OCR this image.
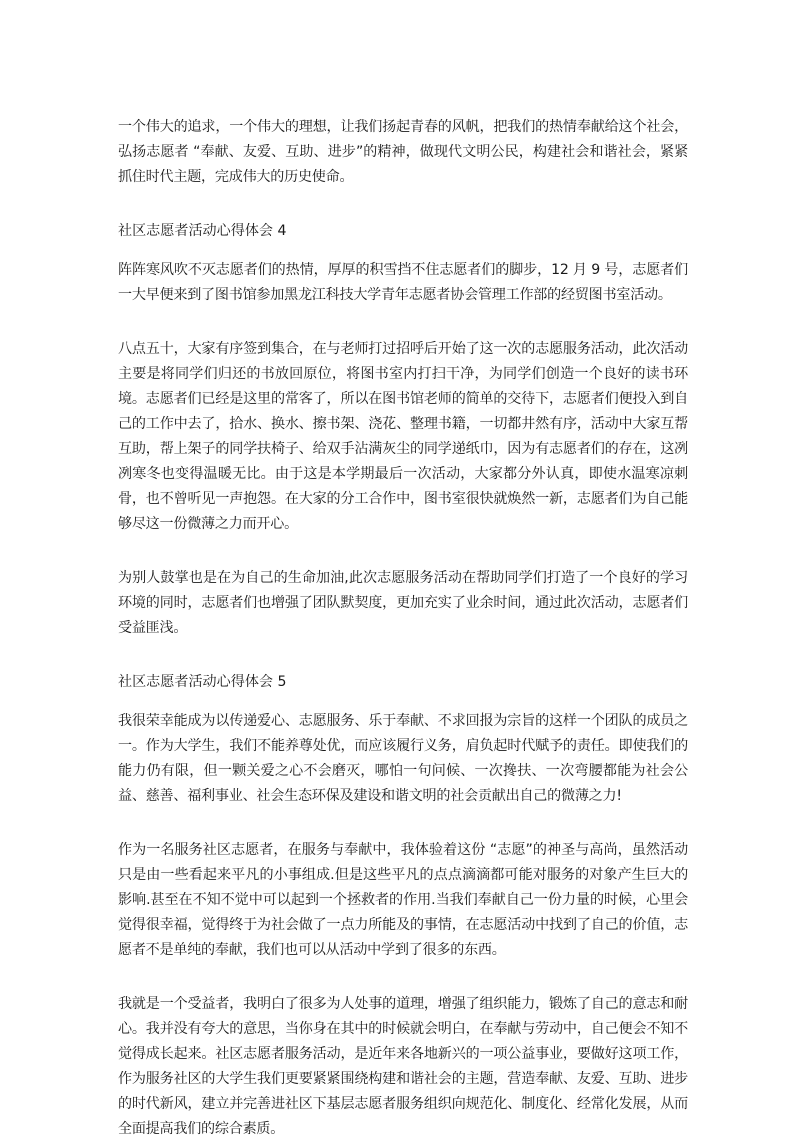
一个伟大的追求，一个伟大的理想，让我们扬起青春的风帆，把我们的热情奉献给这个社会，弘扬志愿者 “奉献、友爱、互助、进步”的精神，做现代文明公民，构建社会和谐社会，紧紧抓住时代主题，完成伟大的历史使命。

社区志愿者活动心得体会 4

阵阵寒风吹不灭志愿者们的热情，厚厚的积雪挡不住志愿者们的脚步，12 月 9 号，志愿者们一大早便来到了图书馆参加黑龙江科技大学青年志愿者协会管理工作部的经贸图书室活动。

八点五十，大家有序签到集合，在与老师打过招呼后开始了这一次的志愿服务活动，此次活动主要是将同学们归还的书放回原位，将图书室内打扫干净，为同学们创造一个良好的读书环境。志愿者们已经是这里的常客了，所以在图书馆老师的简单的交待下，志愿者们便投入到自己的工作中去了，拾水、换水、擦书架、浇花、整理书籍，一切都井然有序，活动中大家互帮互助，帮上架子的同学扶椅子、给双手沾满灰尘的同学递纸巾，因为有志愿者们的存在，这冽冽寒冬也变得温暖无比。由于这是本学期最后一次活动，大家都分外认真，即使水温寒凉刺骨，也不曾听见一声抱怨。在大家的分工合作中，图书室很快就焕然一新，志愿者们为自己能够尽这一份微薄之力而开心。

为别人鼓掌也是在为自己的生命加油,此次志愿服务活动在帮助同学们打造了一个良好的学习环境的同时，志愿者们也增强了团队默契度，更加充实了业余时间，通过此次活动，志愿者们受益匪浅。

社区志愿者活动心得体会 5

我很荣幸能成为以传递爱心、志愿服务、乐于奉献、不求回报为宗旨的这样一个团队的成员之一。作为大学生，我们不能养尊处优，而应该履行义务，肩负起时代赋予的责任。即使我们的能力仍有限，但一颗关爱之心不会磨灭，哪怕一句问候、一次搀扶、一次弯腰都能为社会公益、慈善、福利事业、社会生态环保及建设和谐文明的社会贡献出自己的微薄之力!

作为一名服务社区志愿者，在服务与奉献中，我体验着这份 “志愿”的神圣与高尚，虽然活动只是由一些看起来平凡的小事组成.但是这些平凡的点点滴滴都可能对服务的对象产生巨大的影响.甚至在不知不觉中可以起到一个拯救者的作用.当我们奉献自己一份力量的时候，心里会觉得很幸福，觉得终于为社会做了一点力所能及的事情，在志愿活动中找到了自己的价值，志愿者不是单纯的奉献，我们也可以从活动中学到了很多的东西。

我就是一个受益者，我明白了很多为人处事的道理，增强了组织能力，锻炼了自己的意志和耐心。我并没有夸大的意思，当你身在其中的时候就会明白，在奉献与劳动中，自己便会不知不觉得成长起来。社区志愿者服务活动，是近年来各地新兴的一项公益事业，要做好这项工作，作为服务社区的大学生我们更要紧紧围绕构建和谐社会的主题，营造奉献、友爱、互助、进步的时代新风，建立并完善进社区下基层志愿者服务组织向规范化、制度化、经常化发展，从而全面提高我们的综合素质。
